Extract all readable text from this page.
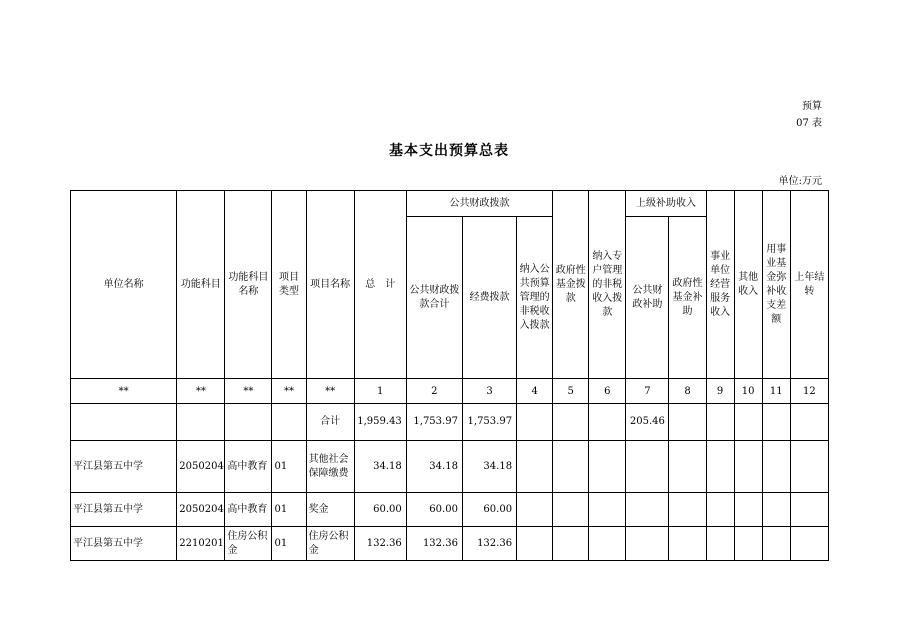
预算
07 表
基本支出预算总表
单位:万元
单位名称	功能科目	功能科目名称	项目类型	项目名称	总　计	公共财政拨款			政府性基金拨款	纳入专户管理的非税收入拨款	上级补助收入		事业单位经营服务收入	其他收入	用事业基金弥补收支差额	上年结转
						公共财政拨款合计	经费拨款	纳入公共预算管理的非税收入拨款			公共财政补助	政府性基金补助				
**	**	**	**	**	1	2	3	4	5	6	7	8	9	10	11	12
				合计	1,959.43	1,753.97	1,753.97				205.46					
平江县第五中学	2050204	高中教育	01	其他社会保障缴费	34.18	34.18	34.18									
平江县第五中学	2050204	高中教育	01	奖金	60.00	60.00	60.00									
平江县第五中学	2210201	住房公积金	01	住房公积金	132.36	132.36	132.36									
